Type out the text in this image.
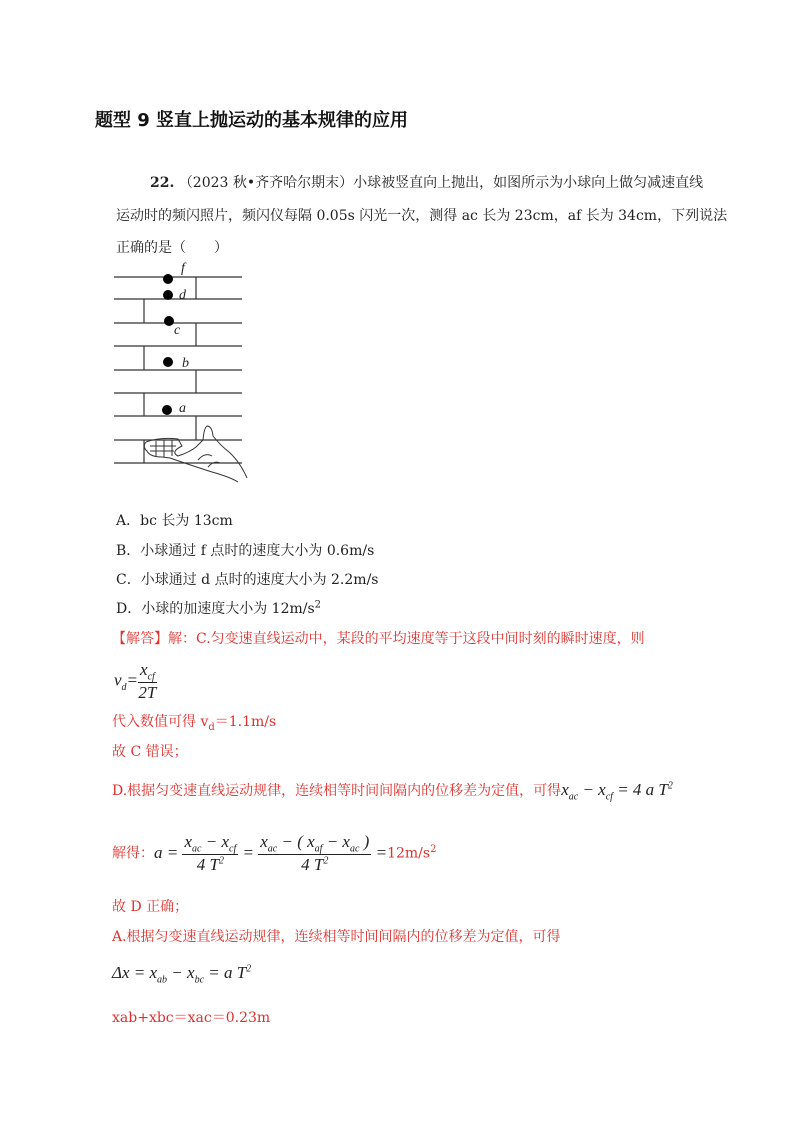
题型 9 竖直上抛运动的基本规律的应用
22. （2023 秋•齐齐哈尔期末）小球被竖直向上抛出，如图所示为小球向上做匀减速直线
运动时的频闪照片，频闪仪每隔 0.05s 闪光一次，测得 ac 长为 23cm，af 长为 34cm，下列说法
正确的是（　　）
f
d
c
b
a
A．bc 长为 13cm
B．小球通过 f 点时的速度大小为 0.6m/s
C．小球通过 d 点时的速度大小为 2.2m/s
D．小球的加速度大小为 $12m/s^2$
【解答】解：C.匀变速直线运动中，某段的平均速度等于这段中间时刻的瞬时速度，则
$v_d= \frac{x_{cf}}{2T}$
代入数值可得 $v_d=1.1m/s$
故 C 错误；
D.根据匀变速直线运动规律，连续相等时间间隔内的位移差为定值，可得$x_{ac} - x_{cf} = 4$ a $T^2$
解得：$a = \frac{x_{ac} - x_{cf}}{4 T^2} = \frac{x_{ac} - ( x_{af} - x_{ac} )}{4 T^2} =12m/s^2$
故 D 正确；
A.根据匀变速直线运动规律，连续相等时间间隔内的位移差为定值，可得
$\Delta x = x_{ab} - x_{bc} = a$ $T^2$
xab+xbc＝xac＝0.23m
